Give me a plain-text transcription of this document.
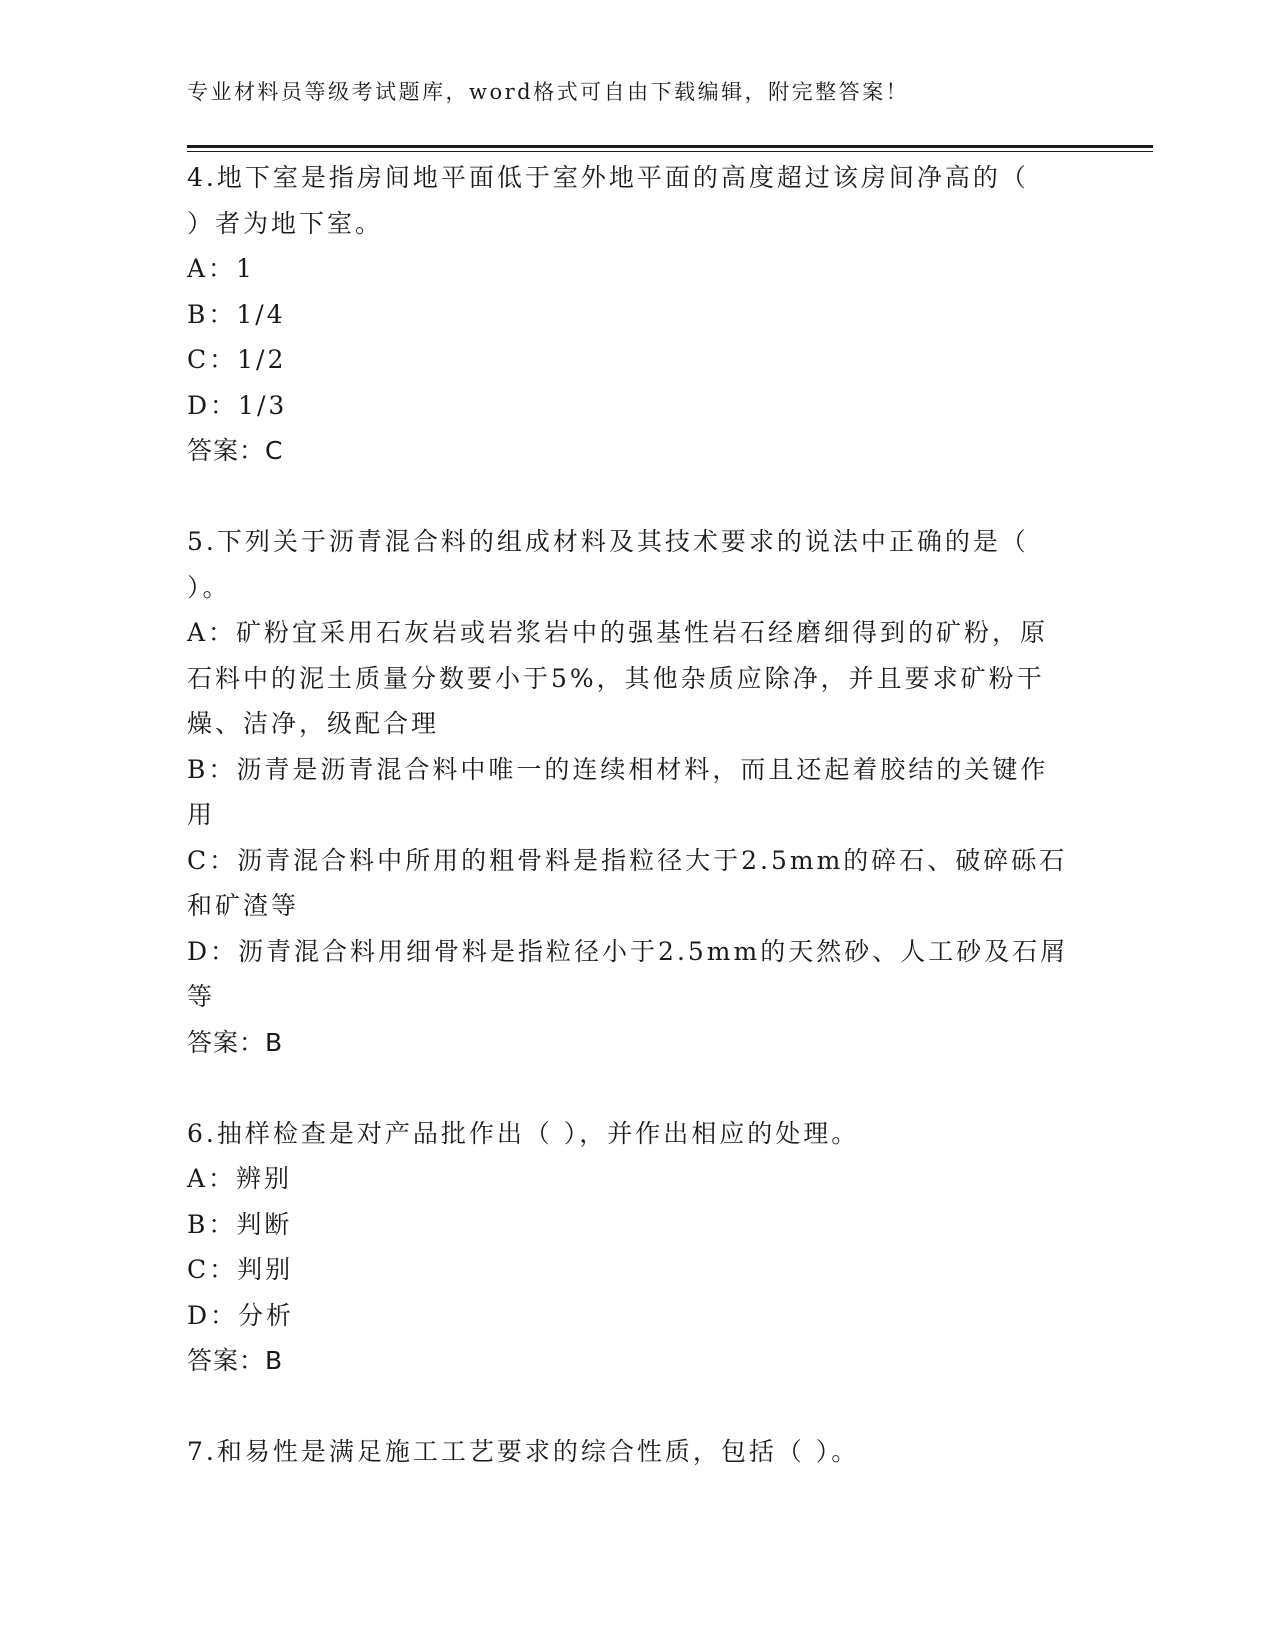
专业材料员等级考试题库，word格式可自由下载编辑，附完整答案！
4.地下室是指房间地平面低于室外地平面的高度超过该房间净高的（
）者为地下室。
A：1
B：1/4
C：1/2
D：1/3
答案：C
5.下列关于沥青混合料的组成材料及其技术要求的说法中正确的是（
）。
A：矿粉宜采用石灰岩或岩浆岩中的强基性岩石经磨细得到的矿粉，原
石料中的泥土质量分数要小于5%，其他杂质应除净，并且要求矿粉干
燥、洁净，级配合理
B：沥青是沥青混合料中唯一的连续相材料，而且还起着胶结的关键作
用
C：沥青混合料中所用的粗骨料是指粒径大于2.5mm的碎石、破碎砾石
和矿渣等
D：沥青混合料用细骨料是指粒径小于2.5mm的天然砂、人工砂及石屑
等
答案：B
6.抽样检查是对产品批作出（ ），并作出相应的处理。
A：辨别
B：判断
C：判别
D：分析
答案：B
7.和易性是满足施工工艺要求的综合性质，包括（ ）。
